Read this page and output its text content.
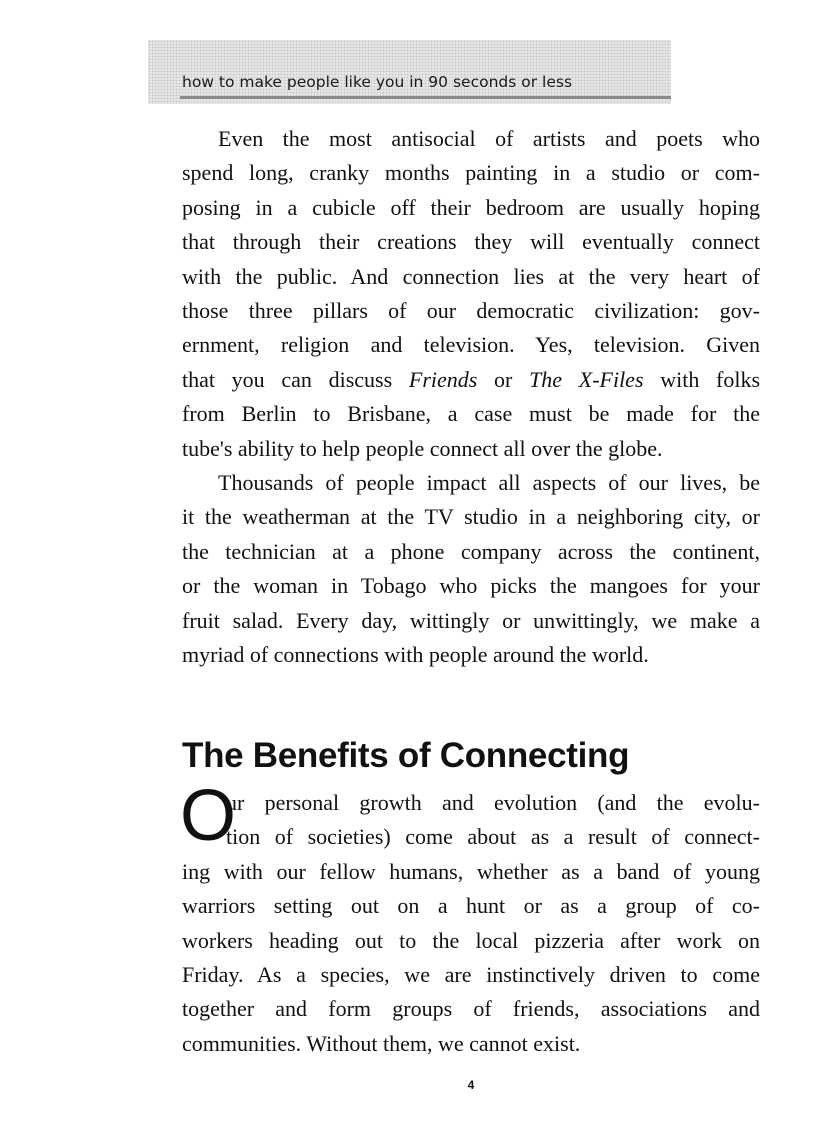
how to make people like you in 90 seconds or less
Even the most antisocial of artists and poets who
spend long, cranky months painting in a studio or com-
posing in a cubicle off their bedroom are usually hoping
that through their creations they will eventually connect
with the public. And connection lies at the very heart of
those three pillars of our democratic civilization: gov-
ernment, religion and television. Yes, television. Given
that you can discuss Friends or The X-Files with folks
from Berlin to Brisbane, a case must be made for the
tube's ability to help people connect all over the globe.
Thousands of people impact all aspects of our lives, be
it the weatherman at the TV studio in a neighboring city, or
the technician at a phone company across the continent,
or the woman in Tobago who picks the mangoes for your
fruit salad. Every day, wittingly or unwittingly, we make a
myriad of connections with people around the world.
The Benefits of Connecting
O
ur personal growth and evolution (and the evolu-
tion of societies) come about as a result of connect-
ing with our fellow humans, whether as a band of young
warriors setting out on a hunt or as a group of co-
workers heading out to the local pizzeria after work on
Friday. As a species, we are instinctively driven to come
together and form groups of friends, associations and
communities. Without them, we cannot exist.
4
